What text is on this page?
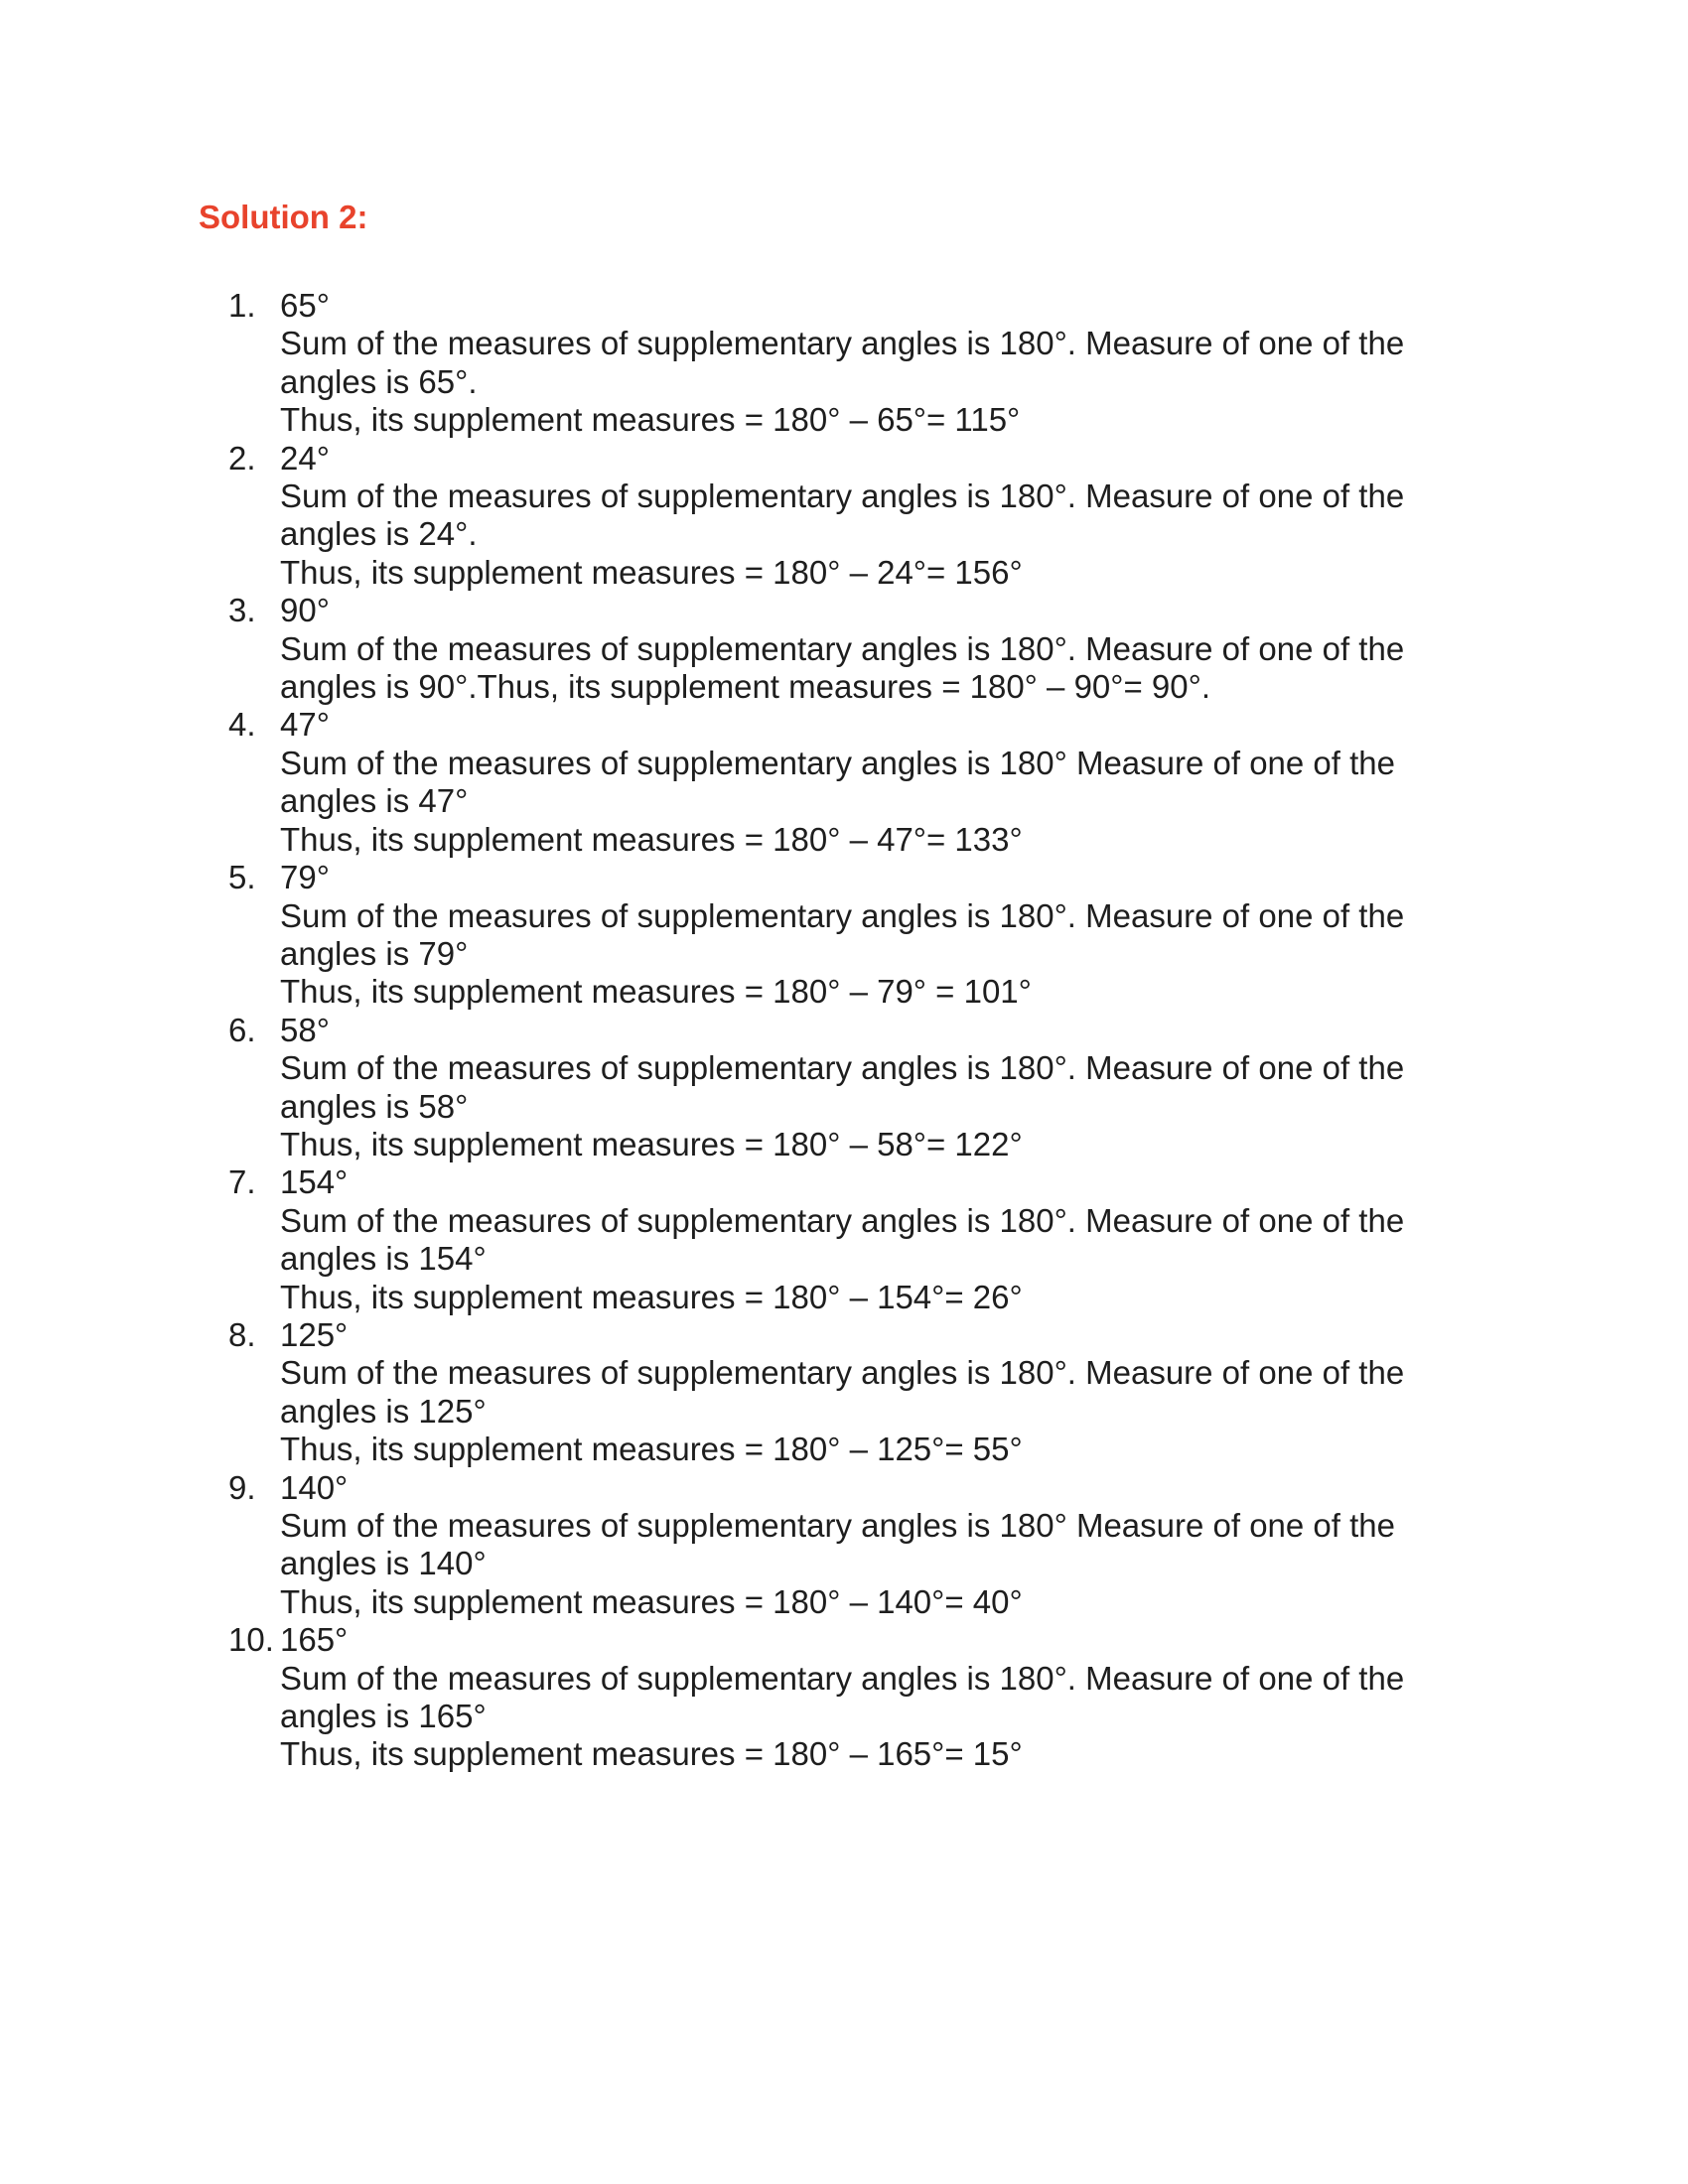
Solution 2:
1. 65°
Sum of the measures of supplementary angles is 180°. Measure of one of the
angles is 65°.
Thus, its supplement measures = 180° – 65°= 115°
2. 24°
Sum of the measures of supplementary angles is 180°. Measure of one of the
angles is 24°.
Thus, its supplement measures = 180° – 24°= 156°
3. 90°
Sum of the measures of supplementary angles is 180°. Measure of one of the
angles is 90°.Thus, its supplement measures = 180° – 90°= 90°.
4. 47°
Sum of the measures of supplementary angles is 180° Measure of one of the
angles is 47°
Thus, its supplement measures = 180° – 47°= 133°
5. 79°
Sum of the measures of supplementary angles is 180°. Measure of one of the
angles is 79°
Thus, its supplement measures = 180° – 79° = 101°
6. 58°
Sum of the measures of supplementary angles is 180°. Measure of one of the
angles is 58°
Thus, its supplement measures = 180° – 58°= 122°
7. 154°
Sum of the measures of supplementary angles is 180°. Measure of one of the
angles is 154°
Thus, its supplement measures = 180° – 154°= 26°
8. 125°
Sum of the measures of supplementary angles is 180°. Measure of one of the
angles is 125°
Thus, its supplement measures = 180° – 125°= 55°
9. 140°
Sum of the measures of supplementary angles is 180° Measure of one of the
angles is 140°
Thus, its supplement measures = 180° – 140°= 40°
10. 165°
Sum of the measures of supplementary angles is 180°. Measure of one of the
angles is 165°
Thus, its supplement measures = 180° – 165°= 15°
